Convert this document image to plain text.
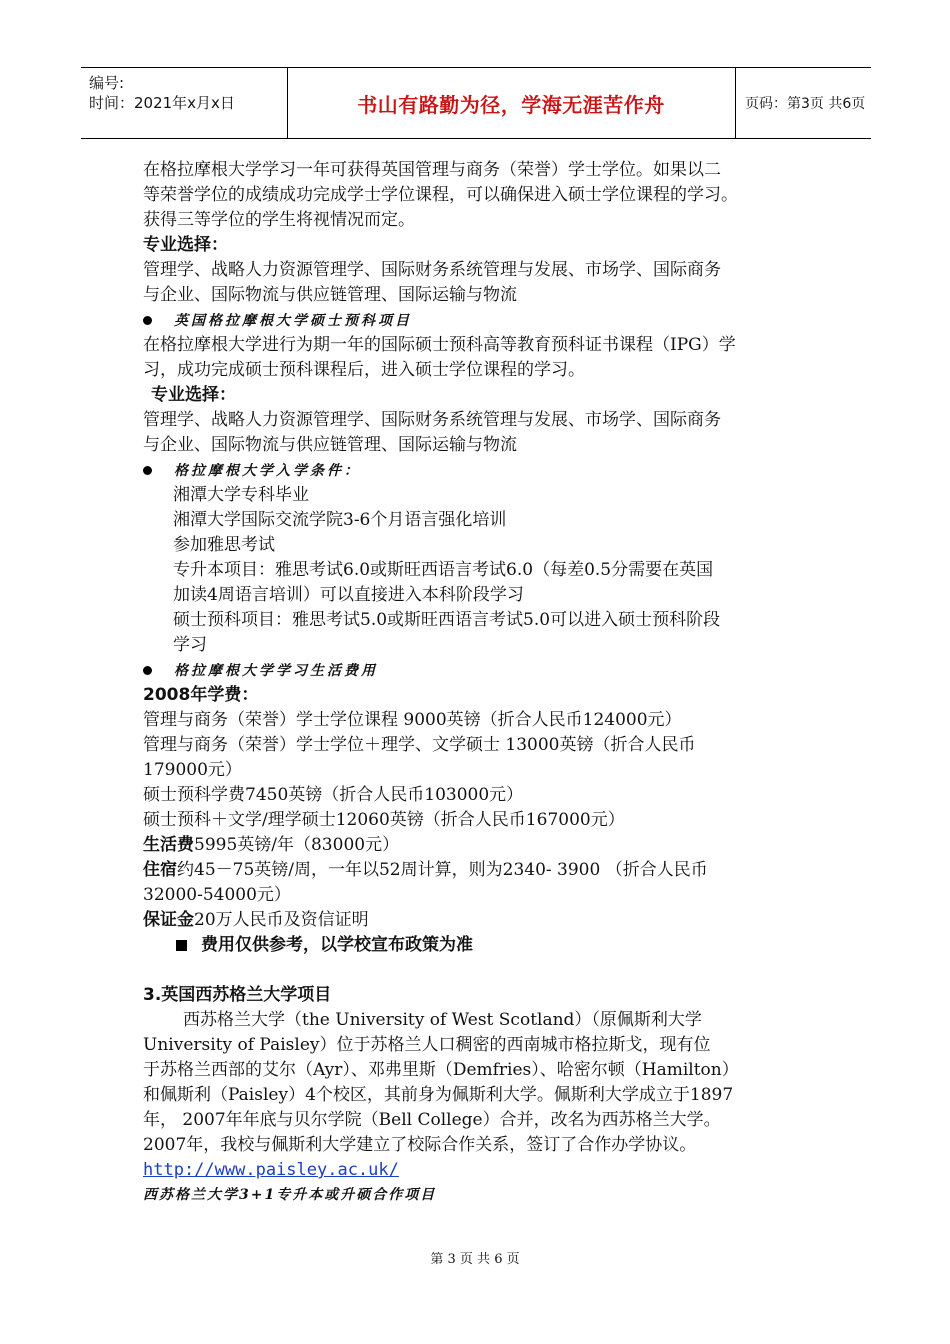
编号:
时间：2021年x月x日	书山有路勤为径，学海无涯苦作舟	页码：第3页 共6页
在格拉摩根大学学习一年可获得英国管理与商务（荣誉）学士学位。如果以二
等荣誉学位的成绩成功完成学士学位课程，可以确保进入硕士学位课程的学习。
获得三等学位的学生将视情况而定。
专业选择：
管理学、战略人力资源管理学、国际财务系统管理与发展、市场学、国际商务
与企业、国际物流与供应链管理、国际运输与物流
英国格拉摩根大学硕士预科项目
在格拉摩根大学进行为期一年的国际硕士预科高等教育预科证书课程（IPG）学
习，成功完成硕士预科课程后，进入硕士学位课程的学习。
专业选择：
管理学、战略人力资源管理学、国际财务系统管理与发展、市场学、国际商务
与企业、国际物流与供应链管理、国际运输与物流
格拉摩根大学入学条件：
湘潭大学专科毕业
湘潭大学国际交流学院3-6个月语言强化培训
参加雅思考试
专升本项目：雅思考试6.0或斯旺西语言考试6.0（每差0.5分需要在英国
加读4周语言培训）可以直接进入本科阶段学习
硕士预科项目：雅思考试5.0或斯旺西语言考试5.0可以进入硕士预科阶段
学习
格拉摩根大学学习生活费用
2008年学费：
管理与商务（荣誉）学士学位课程 9000英镑（折合人民币124000元）
管理与商务（荣誉）学士学位＋理学、文学硕士 13000英镑（折合人民币
179000元）
硕士预科学费7450英镑（折合人民币103000元）
硕士预科＋文学/理学硕士12060英镑（折合人民币167000元）
生活费5995英镑/年（83000元）
住宿约45－75英镑/周，一年以52周计算，则为2340- 3900 （折合人民币
32000-54000元）
保证金20万人民币及资信证明
费用仅供参考，以学校宣布政策为准
3.英国西苏格兰大学项目
西苏格兰大学（the University of West Scotland）（原佩斯利大学
University of Paisley）位于苏格兰人口稠密的西南城市格拉斯戈，现有位
于苏格兰西部的艾尔（Ayr）、邓弗里斯（Demfries）、哈密尔顿（Hamilton）
和佩斯利（Paisley）4个校区，其前身为佩斯利大学。佩斯利大学成立于1897
年， 2007年年底与贝尔学院（Bell College）合并，改名为西苏格兰大学。
2007年，我校与佩斯利大学建立了校际合作关系，签订了合作办学协议。
http://www.paisley.ac.uk/
西苏格兰大学3+1专升本或升硕合作项目
第 3 页 共 6 页
